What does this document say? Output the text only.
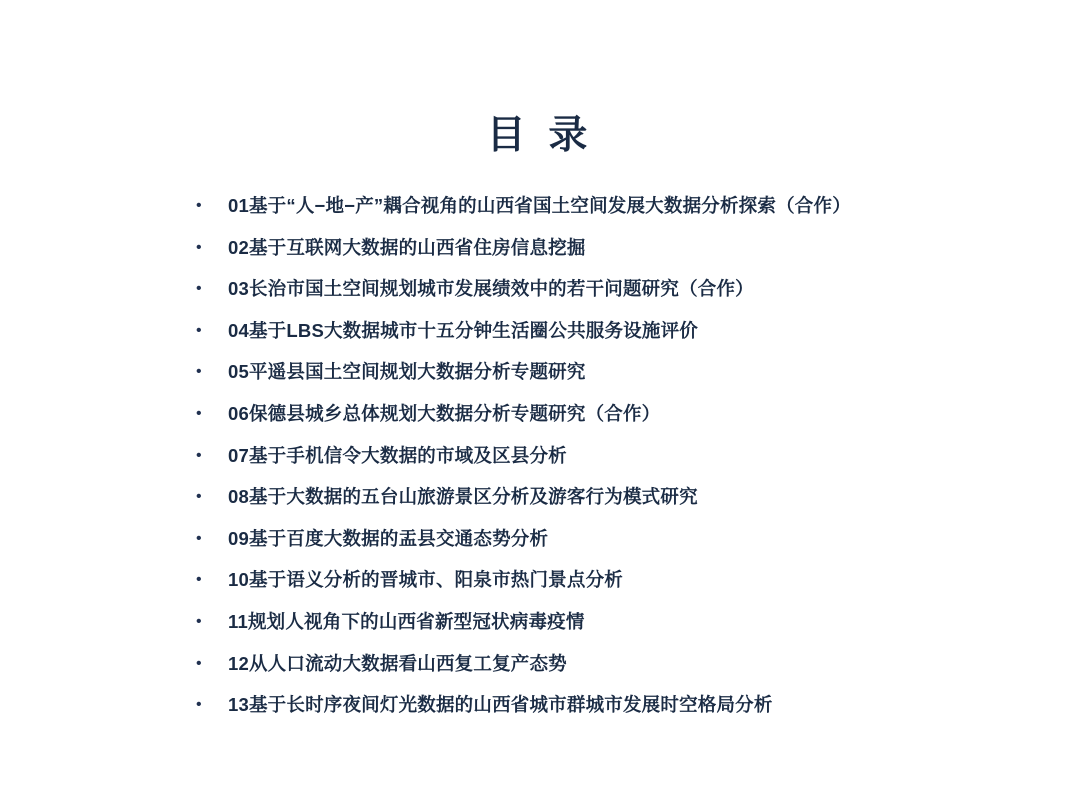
目 录
•	01基于“人−地−产”耦合视角的山西省国土空间发展大数据分析探索（合作）
•	02基于互联网大数据的山西省住房信息挖掘
•	03长治市国土空间规划城市发展绩效中的若干问题研究（合作）
•	04基于LBS大数据城市十五分钟生活圈公共服务设施评价
•	05平遥县国土空间规划大数据分析专题研究
•	06保德县城乡总体规划大数据分析专题研究（合作）
•	07基于手机信令大数据的市域及区县分析
•	08基于大数据的五台山旅游景区分析及游客行为模式研究
•	09基于百度大数据的盂县交通态势分析
•	10基于语义分析的晋城市、阳泉市热门景点分析
•	11规划人视角下的山西省新型冠状病毒疫情
•	12从人口流动大数据看山西复工复产态势
•	13基于长时序夜间灯光数据的山西省城市群城市发展时空格局分析
